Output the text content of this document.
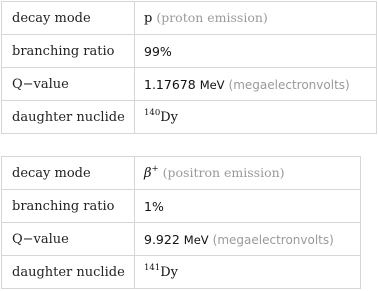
decay mode	p (proton emission)
branching ratio	99%
Q−value	1.17678 MeV (megaelectronvolts)
daughter nuclide	$^{140}$Dy
decay mode	β+ (positron emission)
branching ratio	1%
Q−value	9.922 MeV (megaelectronvolts)
daughter nuclide	$^{141}$Dy
